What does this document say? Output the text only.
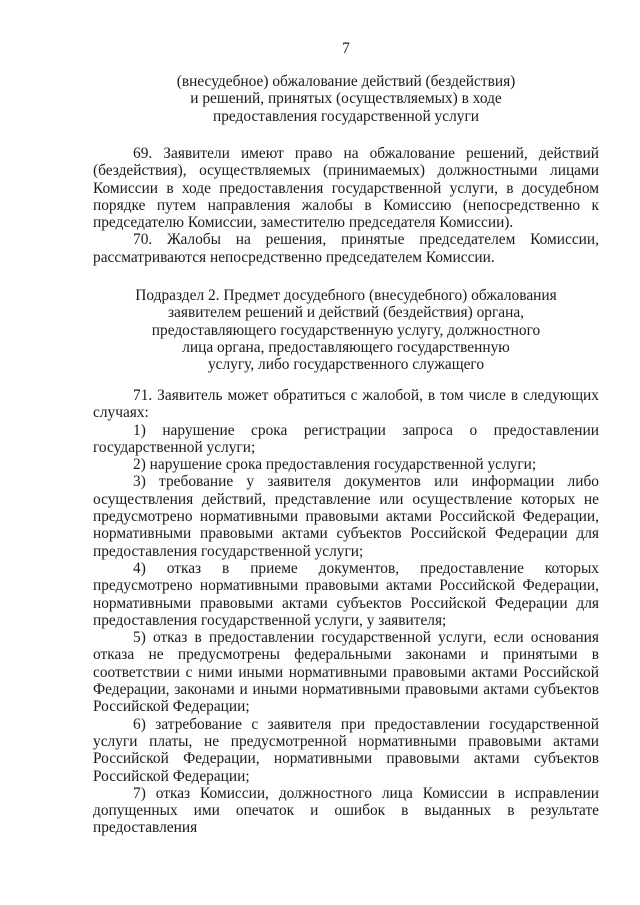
7
(внесудебное) обжалование действий (бездействия)
и решений, принятых (осуществляемых) в ходе
предоставления государственной услуги

69. Заявители имеют право на обжалование решений, действий (бездействия), осуществляемых (принимаемых) должностными лицами Комиссии в ходе предоставления государственной услуги, в досудебном порядке путем направления жалобы в Комиссию (непосредственно к председателю Комиссии, заместителю председателя Комиссии).

70. Жалобы на решения, принятые председателем Комиссии, рассматриваются непосредственно председателем Комиссии.

Подраздел 2. Предмет досудебного (внесудебного) обжалования
заявителем решений и действий (бездействия) органа,
предоставляющего государственную услугу, должностного
лица органа, предоставляющего государственную
услугу, либо государственного служащего

71. Заявитель может обратиться с жалобой, в том числе в следующих случаях:

1) нарушение срока регистрации запроса о предоставлении государственной услуги;

2) нарушение срока предоставления государственной услуги;

3) требование у заявителя документов или информации либо осуществления действий, представление или осуществление которых не предусмотрено нормативными правовыми актами Российской Федерации, нормативными правовыми актами субъектов Российской Федерации для предоставления государственной услуги;

4) отказ в приеме документов, предоставление которых предусмотрено нормативными правовыми актами Российской Федерации, нормативными правовыми актами субъектов Российской Федерации для предоставления государственной услуги, у заявителя;

5) отказ в предоставлении государственной услуги, если основания отказа не предусмотрены федеральными законами и принятыми в соответствии с ними иными нормативными правовыми актами Российской Федерации, законами и иными нормативными правовыми актами субъектов Российской Федерации;

6) затребование с заявителя при предоставлении государственной услуги платы, не предусмотренной нормативными правовыми актами Российской Федерации, нормативными правовыми актами субъектов Российской Федерации;

7) отказ Комиссии, должностного лица Комиссии в исправлении допущенных ими опечаток и ошибок в выданных в результате предоставления
